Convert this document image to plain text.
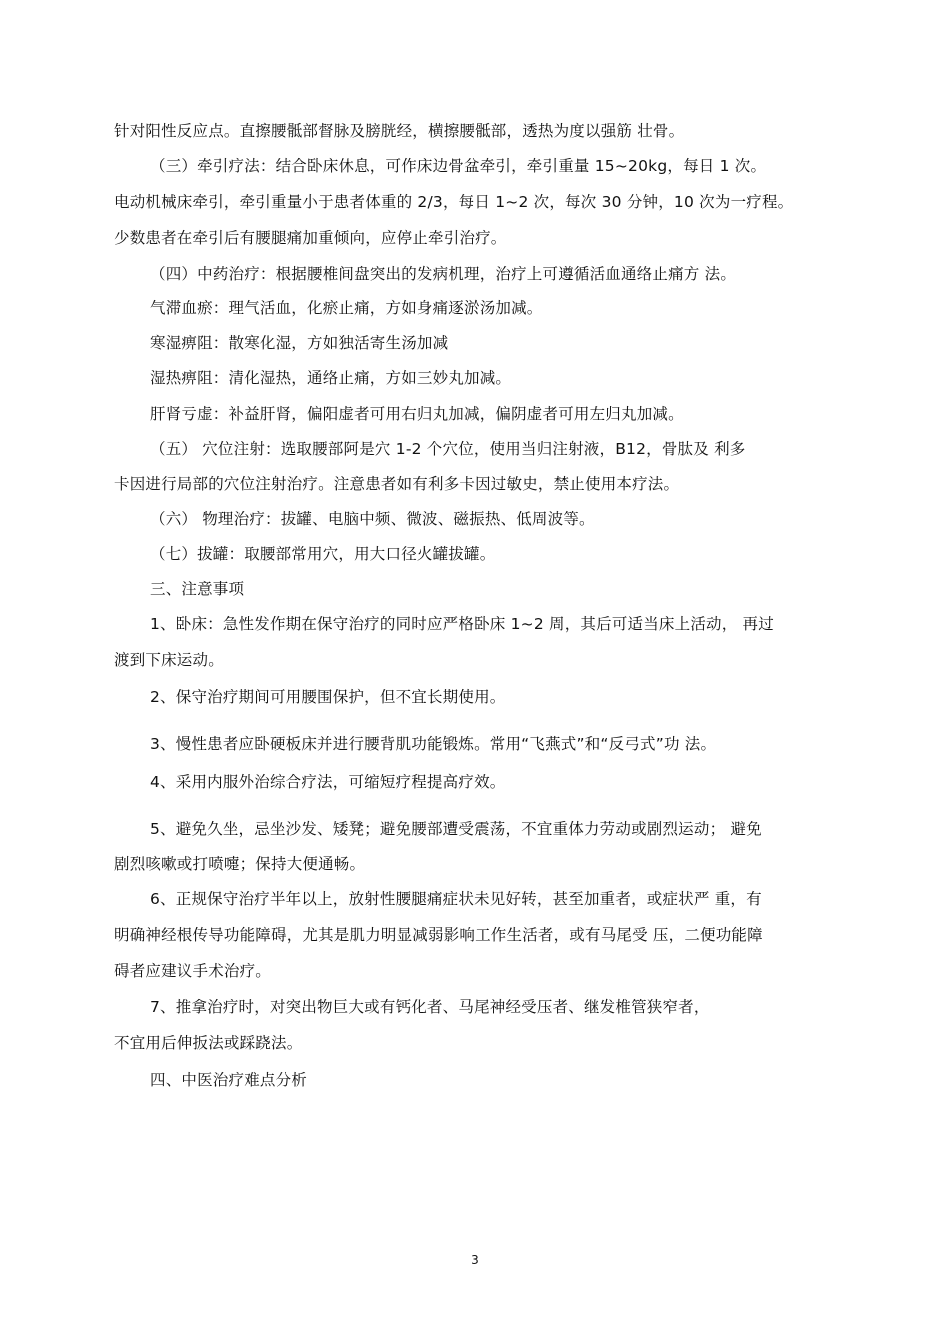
针对阳性反应点。直擦腰骶部督脉及膀胱经，横擦腰骶部，透热为度以强筋 壮骨。
（三）牵引疗法：结合卧床休息，可作床边骨盆牵引，牵引重量 15~20kg，每日 1 次。
电动机械床牵引，牵引重量小于患者体重的 2/3，每日 1~2 次，每次 30 分钟，10 次为一疗程。
少数患者在牵引后有腰腿痛加重倾向，应停止牵引治疗。
（四）中药治疗：根据腰椎间盘突出的发病机理，治疗上可遵循活血通络止痛方 法。
气滞血瘀：理气活血，化瘀止痛，方如身痛逐淤汤加减。
寒湿痹阻：散寒化湿，方如独活寄生汤加减
湿热痹阻：清化湿热，通络止痛，方如三妙丸加减。
肝肾亏虚：补益肝肾，偏阳虚者可用右归丸加减，偏阴虚者可用左归丸加减。
（五） 穴位注射：选取腰部阿是穴 1-2 个穴位，使用当归注射液，B12，骨肽及 利多
卡因进行局部的穴位注射治疗。注意患者如有利多卡因过敏史，禁止使用本疗法。
（六） 物理治疗：拔罐、电脑中频、微波、磁振热、低周波等。
（七）拔罐：取腰部常用穴，用大口径火罐拔罐。
三、注意事项
1、卧床：急性发作期在保守治疗的同时应严格卧床 1~2 周，其后可适当床上活动， 再过
渡到下床运动。
2、保守治疗期间可用腰围保护，但不宜长期使用。
3、慢性患者应卧硬板床并进行腰背肌功能锻炼。常用“飞燕式”和“反弓式”功 法。
4、采用内服外治综合疗法，可缩短疗程提高疗效。
5、避免久坐，忌坐沙发、矮凳；避免腰部遭受震荡，不宜重体力劳动或剧烈运动； 避免
剧烈咳嗽或打喷嚏；保持大便通畅。
6、正规保守治疗半年以上，放射性腰腿痛症状未见好转，甚至加重者，或症状严 重，有
明确神经根传导功能障碍，尤其是肌力明显减弱影响工作生活者，或有马尾受 压，二便功能障
碍者应建议手术治疗。
7、推拿治疗时，对突出物巨大或有钙化者、马尾神经受压者、继发椎管狭窄者，
不宜用后伸扳法或踩跷法。
四、中医治疗难点分析
3
